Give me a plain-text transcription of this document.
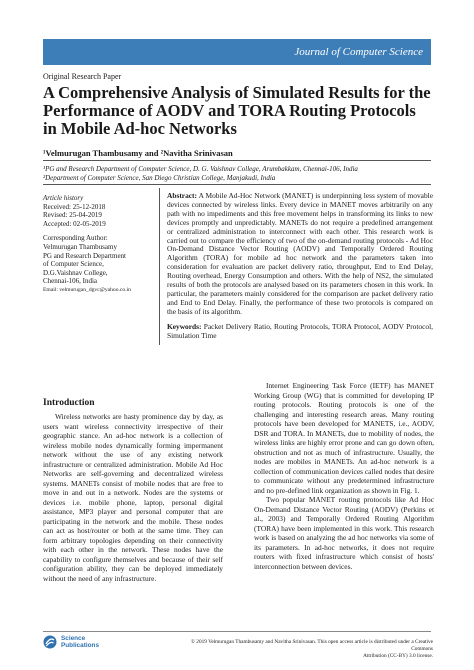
Journal of Computer Science
Original Research Paper
A Comprehensive Analysis of Simulated Results for the Performance of AODV and TORA Routing Protocols in Mobile Ad-hoc Networks
¹Velmurugan Thambusamy and ²Navitha Srinivasan
¹PG and Research Department of Computer Science, D. G. Vaishnav College, Arumbakkam, Chennai-106, India
²Department of Computer Science, San Diego Christian College, Manjakudi, India
Article history
Received: 25-12-2018
Revised: 25-04-2019
Accepted: 02-05-2019
Corresponding Author:
Velmurugan Thambusamy
PG and Research Department
of Computer Science,
D.G.Vaishnav College,
Chennai-106, India
Email: velmurugan_dgvc@yahoo.co.in
Abstract: A Mobile Ad-Hoc Network (MANET) is underpinning less system of movable devices connected by wireless links. Every device in MANET moves arbitrarily on any path with no impediments and this free movement helps in transforming its links to new devices promptly and unpredictably. MANETs do not require a predefined arrangement or centralized administration to interconnect with each other. This research work is carried out to compare the efficiency of two of the on-demand routing protocols - Ad Hoc On-Demand Distance Vector Routing (AODV) and Temporally Ordered Routing Algorithm (TORA) for mobile ad hoc network and the parameters taken into consideration for evaluation are packet delivery ratio, throughput, End to End Delay, Routing overhead, Energy Consumption and others. With the help of NS2, the simulated results of both the protocols are analysed based on its parameters chosen in this work. In particular, the parameters mainly considered for the comparison are packet delivery ratio and End to End Delay. Finally, the performance of these two protocols is compared on the basis of its algorithm.
Keywords: Packet Delivery Ratio, Routing Protocols, TORA Protocol, AODV Protocol, Simulation Time
Introduction

Wireless networks are hasty prominence day by day, as users want wireless connectivity irrespective of their geographic stance. An ad-hoc network is a collection of wireless mobile nodes dynamically forming impermanent network without the use of any existing network infrastructure or centralized administration. Mobile Ad Hoc Networks are self-governing and decentralized wireless systems. MANETs consist of mobile nodes that are free to move in and out in a network. Nodes are the systems or devices i.e. mobile phone, laptop, personal digital assistance, MP3 player and personal computer that are participating in the network and the mobile. These nodes can act as host/router or both at the same time. They can form arbitrary topologies depending on their connectivity with each other in the network. These nodes have the capability to configure themselves and because of their self configuration ability, they can be deployed immediately without the need of any infrastructure.

Internet Engineering Task Force (IETF) has MANET Working Group (WG) that is committed for developing IP routing protocols. Routing protocols is one of the challenging and interesting research areas. Many routing protocols have been developed for MANETS, i.e., AODV, DSR and TORA. In MANETs, due to mobility of nodes, the wireless links are highly error prone and can go down often, obstruction and not as much of infrastructure. Usually, the nodes are mobiles in MANETs. An ad-hoc network is a collection of communication devices called nodes that desire to communicate without any predetermined infrastructure and no pre-defined link organization as shown in Fig. 1.

Two popular MANET routing protocols like Ad Hoc On-Demand Distance Vector Routing (AODV) (Perkins et al., 2003) and Temporally Ordered Routing Algorithm (TORA) have been implemented in this work. This research work is based on analyzing the ad hoc networks via some of its parameters. In ad-hoc networks, it does not require routers with fixed infrastructure which consist of hosts' interconnection between devices.

Science
Publications	© 2019 Velmurugan Thambusamy and Navitha Srinivasan. This open access article is distributed under a Creative Commons
Attribution (CC-BY) 3.0 license.
